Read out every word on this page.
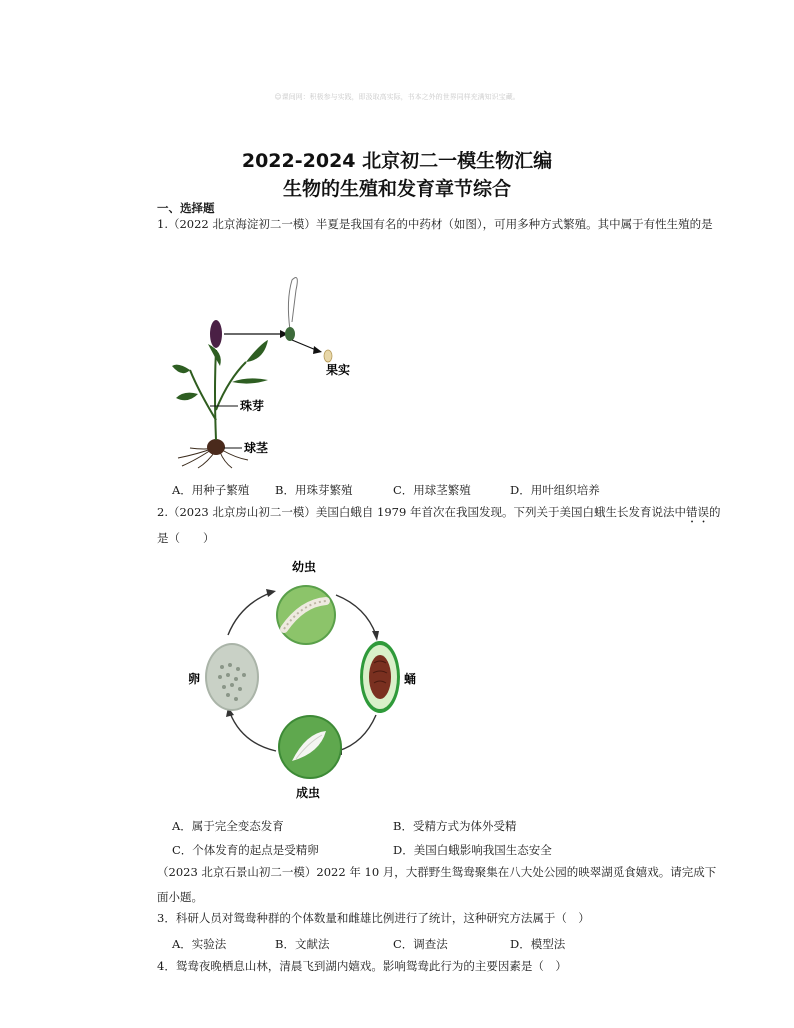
☺课间网：积极参与实践，即汲取高实际，书本之外的世界同样充满知识宝藏。
2022-2024 北京初二一模生物汇编
生物的生殖和发育章节综合
一、选择题
1.（2022 北京海淀初二一模）半夏是我国有名的中药材（如图），可用多种方式繁殖。其中属于有性生殖的是
果实
珠芽
球茎
A．用种子繁殖 B．用珠芽繁殖	C．用球茎繁殖	D．用叶组织培养
2.（2023 北京房山初二一模）美国白蛾自 1979 年首次在我国发现。下列关于美国白蛾生长发育说法中错误的是（　　）
幼虫
蛹
成虫
卵
A．属于完全变态发育	B．受精方式为体外受精
C．个体发育的起点是受精卵	D．美国白蛾影响我国生态安全
（2023 北京石景山初二一模）2022 年 10 月，大群野生鸳鸯聚集在八大处公园的映翠湖觅食嬉戏。请完成下面小题。
3．科研人员对鸳鸯种群的个体数量和雌雄比例进行了统计，这种研究方法属于（　）
A．实验法	B．文献法	C．调查法	D．模型法
4．鸳鸯夜晚栖息山林，清晨飞到湖内嬉戏。影响鸳鸯此行为的主要因素是（　）
